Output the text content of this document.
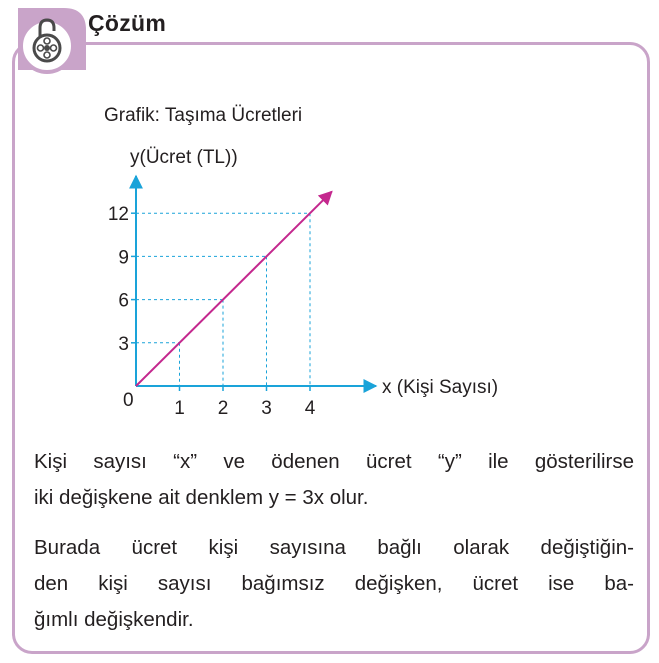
Çözüm
Grafik: Taşıma Ücretleri
y(Ücret (TL))
x (Kişi Sayısı)
0 1 2 3 4
3
6
9
12
Kişi sayısı “x” ve ödenen ücret “y” ile gösterilirse
iki değişkene ait denklem y = 3x olur.
Burada ücret kişi sayısına bağlı olarak değiştiğin-
den kişi sayısı bağımsız değişken, ücret ise ba-
ğımlı değişkendir.
